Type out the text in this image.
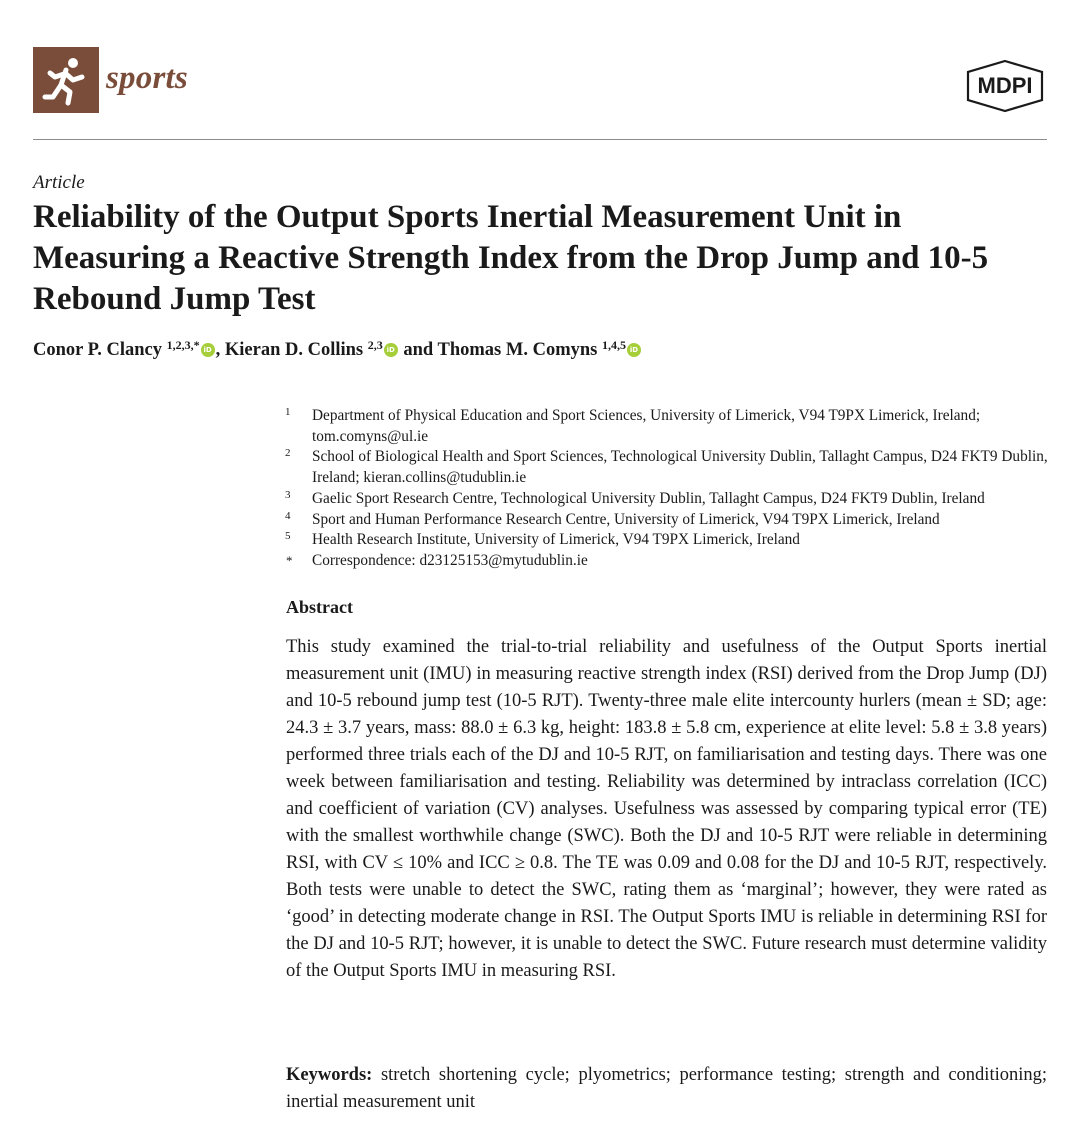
sports	MDPI
Article
Reliability of the Output Sports Inertial Measurement Unit in Measuring a Reactive Strength Index from the Drop Jump and 10-5 Rebound Jump Test
Conor P. Clancy $^{1,2,3,*}$ iD , Kieran D. Collins $^{2,3}$ iD and Thomas M. Comyns $^{1,4,5}$ iD
1 Department of Physical Education and Sport Sciences, University of Limerick, V94 T9PX Limerick, Ireland; tom.comyns@ul.ie
2 School of Biological Health and Sport Sciences, Technological University Dublin, Tallaght Campus, D24 FKT9 Dublin, Ireland; kieran.collins@tudublin.ie
3 Gaelic Sport Research Centre, Technological University Dublin, Tallaght Campus, D24 FKT9 Dublin, Ireland
4 Sport and Human Performance Research Centre, University of Limerick, V94 T9PX Limerick, Ireland
5 Health Research Institute, University of Limerick, V94 T9PX Limerick, Ireland
* Correspondence: d23125153@mytudublin.ie
Abstract

This study examined the trial-to-trial reliability and usefulness of the Output Sports inertial measurement unit (IMU) in measuring reactive strength index (RSI) derived from the Drop Jump (DJ) and 10-5 rebound jump test (10-5 RJT). Twenty-three male elite intercounty hurlers (mean ± SD; age: 24.3 ± 3.7 years, mass: 88.0 ± 6.3 kg, height: 183.8 ± 5.8 cm, experience at elite level: 5.8 ± 3.8 years) performed three trials each of the DJ and 10-5 RJT, on familiarisation and testing days. There was one week between familiarisation and testing. Reliability was determined by intraclass correlation (ICC) and coefficient of variation (CV) analyses. Usefulness was assessed by comparing typical error (TE) with the smallest worthwhile change (SWC). Both the DJ and 10-5 RJT were reliable in determining RSI, with CV ≤ 10% and ICC ≥ 0.8. The TE was 0.09 and 0.08 for the DJ and 10-5 RJT, respectively. Both tests were unable to detect the SWC, rating them as ‘marginal’; however, they were rated as ‘good’ in detecting moderate change in RSI. The Output Sports IMU is reliable in determining RSI for the DJ and 10-5 RJT; however, it is unable to detect the SWC. Future research must determine validity of the Output Sports IMU in measuring RSI.

Keywords: stretch shortening cycle; plyometrics; performance testing; strength and conditioning; inertial measurement unit
